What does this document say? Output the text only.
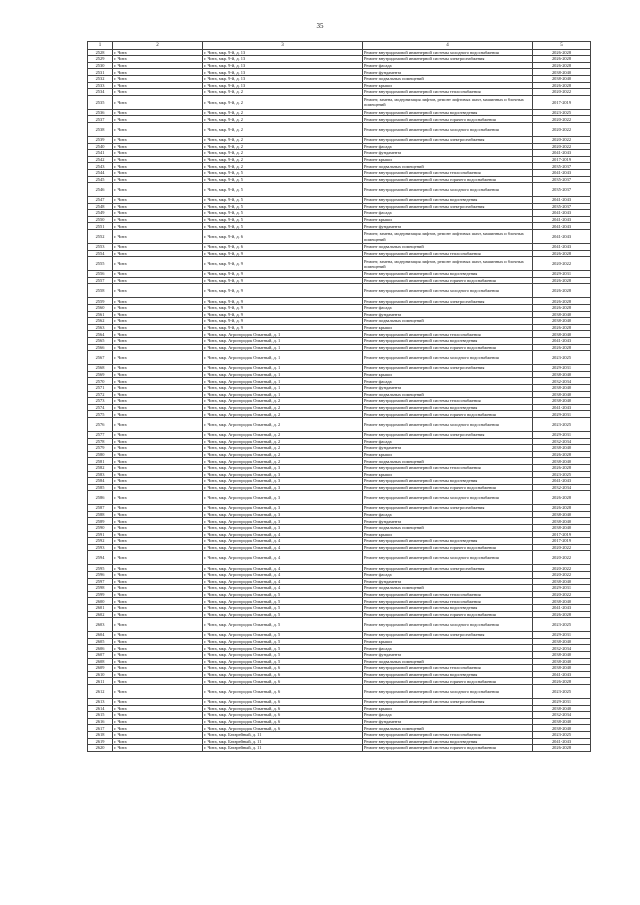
35
1	2	3	4	5
2528	г. Чита	г. Чита, мкр. 9-й, д. 13	Ремонт внутридомовой инженерной системы холодного водоснабжения	2026-2028
2529	г. Чита	г. Чита, мкр. 9-й, д. 13	Ремонт внутридомовой инженерной системы электроснабжения	2026-2028
2530	г. Чита	г. Чита, мкр. 9-й, д. 13	Ремонт фасада	2026-2028
2531	г. Чита	г. Чита, мкр. 9-й, д. 13	Ремонт фундамента	2038-2040
2532	г. Чита	г. Чита, мкр. 9-й, д. 13	Ремонт подвальных помещений	2038-2040
2533	г. Чита	г. Чита, мкр. 9-й, д. 13	Ремонт крыши	2026-2028
2534	г. Чита	г. Чита, мкр. 9-й, д. 2	Ремонт внутридомовой инженерной системы теплоснабжения	2020-2022
2535	г. Чита	г. Чита, мкр. 9-й, д. 2	Ремонт, замена, модернизация лифтов, ремонт лифтовых шахт, машинных и блочных помещений	2017-2019
2536	г. Чита	г. Чита, мкр. 9-й, д. 2	Ремонт внутридомовой инженерной системы водоотведения	2023-2025
2537	г. Чита	г. Чита, мкр. 9-й, д. 2	Ремонт внутридомовой инженерной системы горячего водоснабжения	2020-2022
2538	г. Чита	г. Чита, мкр. 9-й, д. 2	Ремонт внутридомовой инженерной системы холодного водоснабжения	2020-2022
2539	г. Чита	г. Чита, мкр. 9-й, д. 2	Ремонт внутридомовой инженерной системы электроснабжения	2020-2022
2540	г. Чита	г. Чита, мкр. 9-й, д. 2	Ремонт фасада	2020-2022
2541	г. Чита	г. Чита, мкр. 9-й, д. 2	Ремонт фундамента	2041-2043
2542	г. Чита	г. Чита, мкр. 9-й, д. 2	Ремонт крыши	2017-2019
2543	г. Чита	г. Чита, мкр. 9-й, д. 2	Ремонт подвальных помещений	2035-2037
2544	г. Чита	г. Чита, мкр. 9-й, д. 5	Ремонт внутридомовой инженерной системы теплоснабжения	2041-2043
2545	г. Чита	г. Чита, мкр. 9-й, д. 5	Ремонт внутридомовой инженерной системы горячего водоснабжения	2035-2037
2546	г. Чита	г. Чита, мкр. 9-й, д. 5	Ремонт внутридомовой инженерной системы холодного водоснабжения	2035-2037
2547	г. Чита	г. Чита, мкр. 9-й, д. 5	Ремонт внутридомовой инженерной системы водоотведения	2041-2043
2548	г. Чита	г. Чита, мкр. 9-й, д. 5	Ремонт внутридомовой инженерной системы электроснабжения	2035-2037
2549	г. Чита	г. Чита, мкр. 9-й, д. 5	Ремонт фасада	2041-2043
2550	г. Чита	г. Чита, мкр. 9-й, д. 5	Ремонт крыши	2041-2043
2551	г. Чита	г. Чита, мкр. 9-й, д. 5	Ремонт фундамента	2041-2043
2552	г. Чита	г. Чита, мкр. 9-й, д. 6	Ремонт, замена, модернизация лифтов, ремонт лифтовых шахт, машинных и блочных помещений	2041-2043
2553	г. Чита	г. Чита, мкр. 9-й, д. 6	Ремонт подвальных помещений	2041-2043
2554	г. Чита	г. Чита, мкр. 9-й, д. 9	Ремонт внутридомовой инженерной системы теплоснабжения	2026-2028
2555	г. Чита	г. Чита, мкр. 9-й, д. 9	Ремонт, замена, модернизация лифтов, ремонт лифтовых шахт, машинных и блочных помещений	2020-2022
2556	г. Чита	г. Чита, мкр. 9-й, д. 9	Ремонт внутридомовой инженерной системы водоотведения	2029-2031
2557	г. Чита	г. Чита, мкр. 9-й, д. 9	Ремонт внутридомовой инженерной системы горячего водоснабжения	2026-2028
2558	г. Чита	г. Чита, мкр. 9-й, д. 9	Ремонт внутридомовой инженерной системы холодного водоснабжения	2026-2028
2559	г. Чита	г. Чита, мкр. 9-й, д. 9	Ремонт внутридомовой инженерной системы электроснабжения	2026-2028
2560	г. Чита	г. Чита, мкр. 9-й, д. 9	Ремонт фасада	2026-2028
2561	г. Чита	г. Чита, мкр. 9-й, д. 9	Ремонт фундамента	2038-2040
2562	г. Чита	г. Чита, мкр. 9-й, д. 9	Ремонт подвальных помещений	2038-2040
2563	г. Чита	г. Чита, мкр. 9-й, д. 9	Ремонт крыши	2026-2028
2564	г. Чита	г. Чита, мкр. Агрогородок Опытный, д. 1	Ремонт внутридомовой инженерной системы теплоснабжения	2038-2040
2565	г. Чита	г. Чита, мкр. Агрогородок Опытный, д. 1	Ремонт внутридомовой инженерной системы водоотведения	2041-2043
2566	г. Чита	г. Чита, мкр. Агрогородок Опытный, д. 1	Ремонт внутридомовой инженерной системы горячего водоснабжения	2026-2028
2567	г. Чита	г. Чита, мкр. Агрогородок Опытный, д. 1	Ремонт внутридомовой инженерной системы холодного водоснабжения	2023-2025
2568	г. Чита	г. Чита, мкр. Агрогородок Опытный, д. 1	Ремонт внутридомовой инженерной системы электроснабжения	2029-2031
2569	г. Чита	г. Чита, мкр. Агрогородок Опытный, д. 1	Ремонт крыши	2038-2040
2570	г. Чита	г. Чита, мкр. Агрогородок Опытный, д. 1	Ремонт фасада	2032-2034
2571	г. Чита	г. Чита, мкр. Агрогородок Опытный, д. 1	Ремонт фундамента	2038-2040
2572	г. Чита	г. Чита, мкр. Агрогородок Опытный, д. 1	Ремонт подвальных помещений	2038-2040
2573	г. Чита	г. Чита, мкр. Агрогородок Опытный, д. 2	Ремонт внутридомовой инженерной системы теплоснабжения	2038-2040
2574	г. Чита	г. Чита, мкр. Агрогородок Опытный, д. 2	Ремонт внутридомовой инженерной системы водоотведения	2041-2043
2575	г. Чита	г. Чита, мкр. Агрогородок Опытный, д. 2	Ремонт внутридомовой инженерной системы горячего водоснабжения	2029-2031
2576	г. Чита	г. Чита, мкр. Агрогородок Опытный, д. 2	Ремонт внутридомовой инженерной системы холодного водоснабжения	2023-2025
2577	г. Чита	г. Чита, мкр. Агрогородок Опытный, д. 2	Ремонт внутридомовой инженерной системы электроснабжения	2029-2031
2578	г. Чита	г. Чита, мкр. Агрогородок Опытный, д. 2	Ремонт фасада	2032-2034
2579	г. Чита	г. Чита, мкр. Агрогородок Опытный, д. 2	Ремонт фундамента	2038-2040
2580	г. Чита	г. Чита, мкр. Агрогородок Опытный, д. 2	Ремонт крыши	2026-2028
2581	г. Чита	г. Чита, мкр. Агрогородок Опытный, д. 2	Ремонт подвальных помещений	2038-2040
2582	г. Чита	г. Чита, мкр. Агрогородок Опытный, д. 3	Ремонт внутридомовой инженерной системы теплоснабжения	2026-2028
2583	г. Чита	г. Чита, мкр. Агрогородок Опытный, д. 3	Ремонт крыши	2023-2025
2584	г. Чита	г. Чита, мкр. Агрогородок Опытный, д. 3	Ремонт внутридомовой инженерной системы водоотведения	2041-2043
2585	г. Чита	г. Чита, мкр. Агрогородок Опытный, д. 3	Ремонт внутридомовой инженерной системы горячего водоснабжения	2032-2034
2586	г. Чита	г. Чита, мкр. Агрогородок Опытный, д. 3	Ремонт внутридомовой инженерной системы холодного водоснабжения	2026-2028
2587	г. Чита	г. Чита, мкр. Агрогородок Опытный, д. 3	Ремонт внутридомовой инженерной системы электроснабжения	2026-2028
2588	г. Чита	г. Чита, мкр. Агрогородок Опытный, д. 3	Ремонт фасада	2038-2040
2589	г. Чита	г. Чита, мкр. Агрогородок Опытный, д. 3	Ремонт фундамента	2038-2040
2590	г. Чита	г. Чита, мкр. Агрогородок Опытный, д. 3	Ремонт подвальных помещений	2038-2040
2591	г. Чита	г. Чита, мкр. Агрогородок Опытный, д. 4	Ремонт крыши	2017-2019
2592	г. Чита	г. Чита, мкр. Агрогородок Опытный, д. 4	Ремонт внутридомовой инженерной системы водоотведения	2017-2019
2593	г. Чита	г. Чита, мкр. Агрогородок Опытный, д. 4	Ремонт внутридомовой инженерной системы горячего водоснабжения	2020-2022
2594	г. Чита	г. Чита, мкр. Агрогородок Опытный, д. 4	Ремонт внутридомовой инженерной системы холодного водоснабжения	2020-2022
2595	г. Чита	г. Чита, мкр. Агрогородок Опытный, д. 4	Ремонт внутридомовой инженерной системы электроснабжения	2020-2022
2596	г. Чита	г. Чита, мкр. Агрогородок Опытный, д. 4	Ремонт фасада	2020-2022
2597	г. Чита	г. Чита, мкр. Агрогородок Опытный, д. 4	Ремонт фундамента	2038-2040
2598	г. Чита	г. Чита, мкр. Агрогородок Опытный, д. 4	Ремонт подвальных помещений	2029-2031
2599	г. Чита	г. Чита, мкр. Агрогородок Опытный, д. 5	Ремонт внутридомовой инженерной системы теплоснабжения	2020-2022
2600	г. Чита	г. Чита, мкр. Агрогородок Опытный, д. 5	Ремонт внутридомовой инженерной системы теплоснабжения	2038-2040
2601	г. Чита	г. Чита, мкр. Агрогородок Опытный, д. 5	Ремонт внутридомовой инженерной системы водоотведения	2041-2043
2602	г. Чита	г. Чита, мкр. Агрогородок Опытный, д. 5	Ремонт внутридомовой инженерной системы горячего водоснабжения	2026-2028
2603	г. Чита	г. Чита, мкр. Агрогородок Опытный, д. 5	Ремонт внутридомовой инженерной системы холодного водоснабжения	2023-2025
2604	г. Чита	г. Чита, мкр. Агрогородок Опытный, д. 5	Ремонт внутридомовой инженерной системы электроснабжения	2029-2031
2605	г. Чита	г. Чита, мкр. Агрогородок Опытный, д. 5	Ремонт крыши	2038-2040
2606	г. Чита	г. Чита, мкр. Агрогородок Опытный, д. 5	Ремонт фасада	2032-2034
2607	г. Чита	г. Чита, мкр. Агрогородок Опытный, д. 5	Ремонт фундамента	2038-2040
2608	г. Чита	г. Чита, мкр. Агрогородок Опытный, д. 5	Ремонт подвальных помещений	2038-2040
2609	г. Чита	г. Чита, мкр. Агрогородок Опытный, д. 6	Ремонт внутридомовой инженерной системы теплоснабжения	2038-2040
2610	г. Чита	г. Чита, мкр. Агрогородок Опытный, д. 6	Ремонт внутридомовой инженерной системы водоотведения	2041-2043
2611	г. Чита	г. Чита, мкр. Агрогородок Опытный, д. 6	Ремонт внутридомовой инженерной системы горячего водоснабжения	2026-2028
2612	г. Чита	г. Чита, мкр. Агрогородок Опытный, д. 6	Ремонт внутридомовой инженерной системы холодного водоснабжения	2023-2025
2613	г. Чита	г. Чита, мкр. Агрогородок Опытный, д. 6	Ремонт внутридомовой инженерной системы электроснабжения	2029-2031
2614	г. Чита	г. Чита, мкр. Агрогородок Опытный, д. 6	Ремонт крыши	2038-2040
2615	г. Чита	г. Чита, мкр. Агрогородок Опытный, д. 6	Ремонт фасада	2032-2034
2616	г. Чита	г. Чита, мкр. Агрогородок Опытный, д. 6	Ремонт фундамента	2038-2040
2617	г. Чита	г. Чита, мкр. Агрогородок Опытный, д. 6	Ремонт подвальных помещений	2038-2040
2618	г. Чита	г. Чита, мкр. Батарейный, д. 11	Ремонт внутридомовой инженерной системы теплоснабжения	2023-2025
2619	г. Чита	г. Чита, мкр. Батарейный, д. 11	Ремонт внутридомовой инженерной системы водоотведения	2041-2043
2620	г. Чита	г. Чита, мкр. Батарейный, д. 11	Ремонт внутридомовой инженерной системы горячего водоснабжения	2026-2028
